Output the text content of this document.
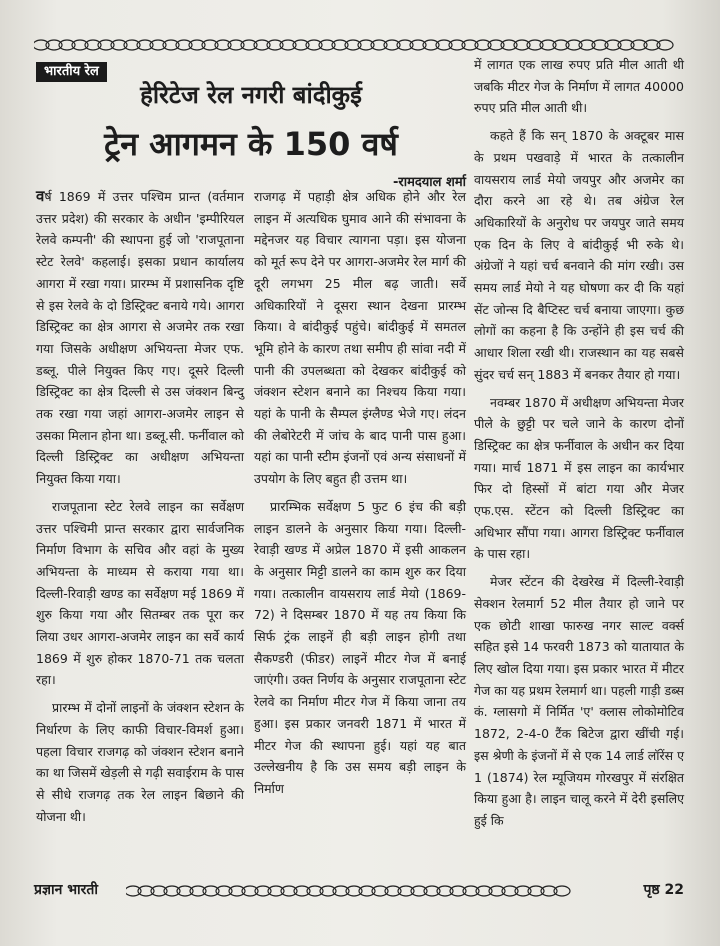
भारतीय रेल
हेरिटेज रेल नगरी बांदीकुई
ट्रेन आगमन के 150 वर्ष
-रामदयाल शर्मा

वर्ष 1869 में उत्तर पश्चिम प्रान्त (वर्तमान उत्तर प्रदेश) की सरकार के अधीन 'इम्पीरियल रेलवे कम्पनी' की स्थापना हुई जो 'राजपूताना स्टेट रेलवे' कहलाई। इसका प्रधान कार्यालय आगरा में रखा गया। प्रारम्भ में प्रशासनिक दृष्टि से इस रेलवे के दो डिस्ट्रिक्ट बनाये गये। आगरा डिस्ट्रिक्ट का क्षेत्र आगरा से अजमेर तक रखा गया जिसके अधीक्षण अभियन्ता मेजर एफ. डब्लू. पीले नियुक्त किए गए। दूसरे दिल्ली डिस्ट्रिक्ट का क्षेत्र दिल्ली से उस जंक्शन बिन्दु तक रखा गया जहां आगरा-अजमेर लाइन से उसका मिलान होना था। डब्लू.सी. फर्नीवाल को दिल्ली डिस्ट्रिक्ट का अधीक्षण अभियन्ता नियुक्त किया गया।

राजपूताना स्टेट रेलवे लाइन का सर्वेक्षण उत्तर पश्चिमी प्रान्त सरकार द्वारा सार्वजनिक निर्माण विभाग के सचिव और वहां के मुख्य अभियन्ता के माध्यम से कराया गया था। दिल्ली-रिवाड़ी खण्ड का सर्वेक्षण मई 1869 में शुरु किया गया और सितम्बर तक पूरा कर लिया उधर आगरा-अजमेर लाइन का सर्वे कार्य 1869 में शुरु होकर 1870-71 तक चलता रहा।

प्रारम्भ में दोनों लाइनों के जंक्शन स्टेशन के निर्धारण के लिए काफी विचार-विमर्श हुआ। पहला विचार राजगढ़ को जंक्शन स्टेशन बनाने का था जिसमें खेड़ली से गढ़ी सवाईराम के पास से सीधे राजगढ़ तक रेल लाइन बिछाने की योजना थी।

राजगढ़ में पहाड़ी क्षेत्र अधिक होने और रेल लाइन में अत्यधिक घुमाव आने की संभावना के मद्देनजर यह विचार त्यागना पड़ा। इस योजना को मूर्त रूप देने पर आगरा-अजमेर रेल मार्ग की दूरी लगभग 25 मील बढ़ जाती। सर्वे अधिकारियों ने दूसरा स्थान देखना प्रारम्भ किया। वे बांदीकुई पहुंचे। बांदीकुई में समतल भूमि होने के कारण तथा समीप ही सांवा नदी में पानी की उपलब्धता को देखकर बांदीकुई को जंक्शन स्टेशन बनाने का निश्चय किया गया। यहां के पानी के सैम्पल इंग्लैण्ड भेजे गए। लंदन की लेबोरेटरी में जांच के बाद पानी पास हुआ। यहां का पानी स्टीम इंजनों एवं अन्य संसाधनों में उपयोग के लिए बहुत ही उत्तम था।

प्रारम्भिक सर्वेक्षण 5 फुट 6 इंच की बड़ी लाइन डालने के अनुसार किया गया। दिल्ली-रेवाड़ी खण्ड में अप्रेल 1870 में इसी आकलन के अनुसार मिट्टी डालने का काम शुरु कर दिया गया। तत्कालीन वायसराय लार्ड मेयो (1869-72) ने दिसम्बर 1870 में यह तय किया कि सिर्फ ट्रंक लाइनें ही बड़ी लाइन होगी तथा सैकण्डरी (फीडर) लाइनें मीटर गेज में बनाई जाएंगी। उक्त निर्णय के अनुसार राजपूताना स्टेट रेलवे का निर्माण मीटर गेज में किया जाना तय हुआ। इस प्रकार जनवरी 1871 में भारत में मीटर गेज की स्थापना हुई। यहां यह बात उल्लेखनीय है कि उस समय बड़ी लाइन के निर्माण

में लागत एक लाख रुपए प्रति मील आती थी जबकि मीटर गेज के निर्माण में लागत 40000 रुपए प्रति मील आती थी।

कहते हैं कि सन् 1870 के अक्टूबर मास के प्रथम पखवाड़े में भारत के तत्कालीन वायसराय लार्ड मेयो जयपुर और अजमेर का दौरा करने आ रहे थे। तब अंग्रेज रेल अधिकारियों के अनुरोध पर जयपुर जाते समय एक दिन के लिए वे बांदीकुई भी रुके थे। अंग्रेजों ने यहां चर्च बनवाने की मांग रखी। उस समय लार्ड मेयो ने यह घोषणा कर दी कि यहां सेंट जोन्स दि बैप्टिस्ट चर्च बनाया जाएगा। कुछ लोगों का कहना है कि उन्होंने ही इस चर्च की आधार शिला रखी थी। राजस्थान का यह सबसे सुंदर चर्च सन् 1883 में बनकर तैयार हो गया।

नवम्बर 1870 में अधीक्षण अभियन्ता मेजर पीले के छुट्टी पर चले जाने के कारण दोनों डिस्ट्रिक्ट का क्षेत्र फर्नीवाल के अधीन कर दिया गया। मार्च 1871 में इस लाइन का कार्यभार फिर दो हिस्सों में बांटा गया और मेजर एफ.एस. स्टेंटन को दिल्ली डिस्ट्रिक्ट का अधिभार सौंपा गया। आगरा डिस्ट्रिक्ट फर्नीवाल के पास रहा।

मेजर स्टेंटन की देखरेख में दिल्ली-रेवाड़ी सेक्शन रेलमार्ग 52 मील तैयार हो जाने पर एक छोटी शाखा फारुख नगर साल्ट वर्क्स सहित इसे 14 फरवरी 1873 को यातायात के लिए खोल दिया गया। इस प्रकार भारत में मीटर गेज का यह प्रथम रेलमार्ग था। पहली गाड़ी डब्स कं. ग्लासगो में निर्मित 'ए' क्लास लोकोमोटिव 1872, 2-4-0 टैंक बिटेज द्वारा खींची गई। इस श्रेणी के इंजनों में से एक 14 लार्ड लॉरेंस ए 1 (1874) रेल म्यूजियम गोरखपुर में संरक्षित किया हुआ है। लाइन चालू करने में देरी इसलिए हुई कि

प्रज्ञान भारती	पृष्ठ 22
